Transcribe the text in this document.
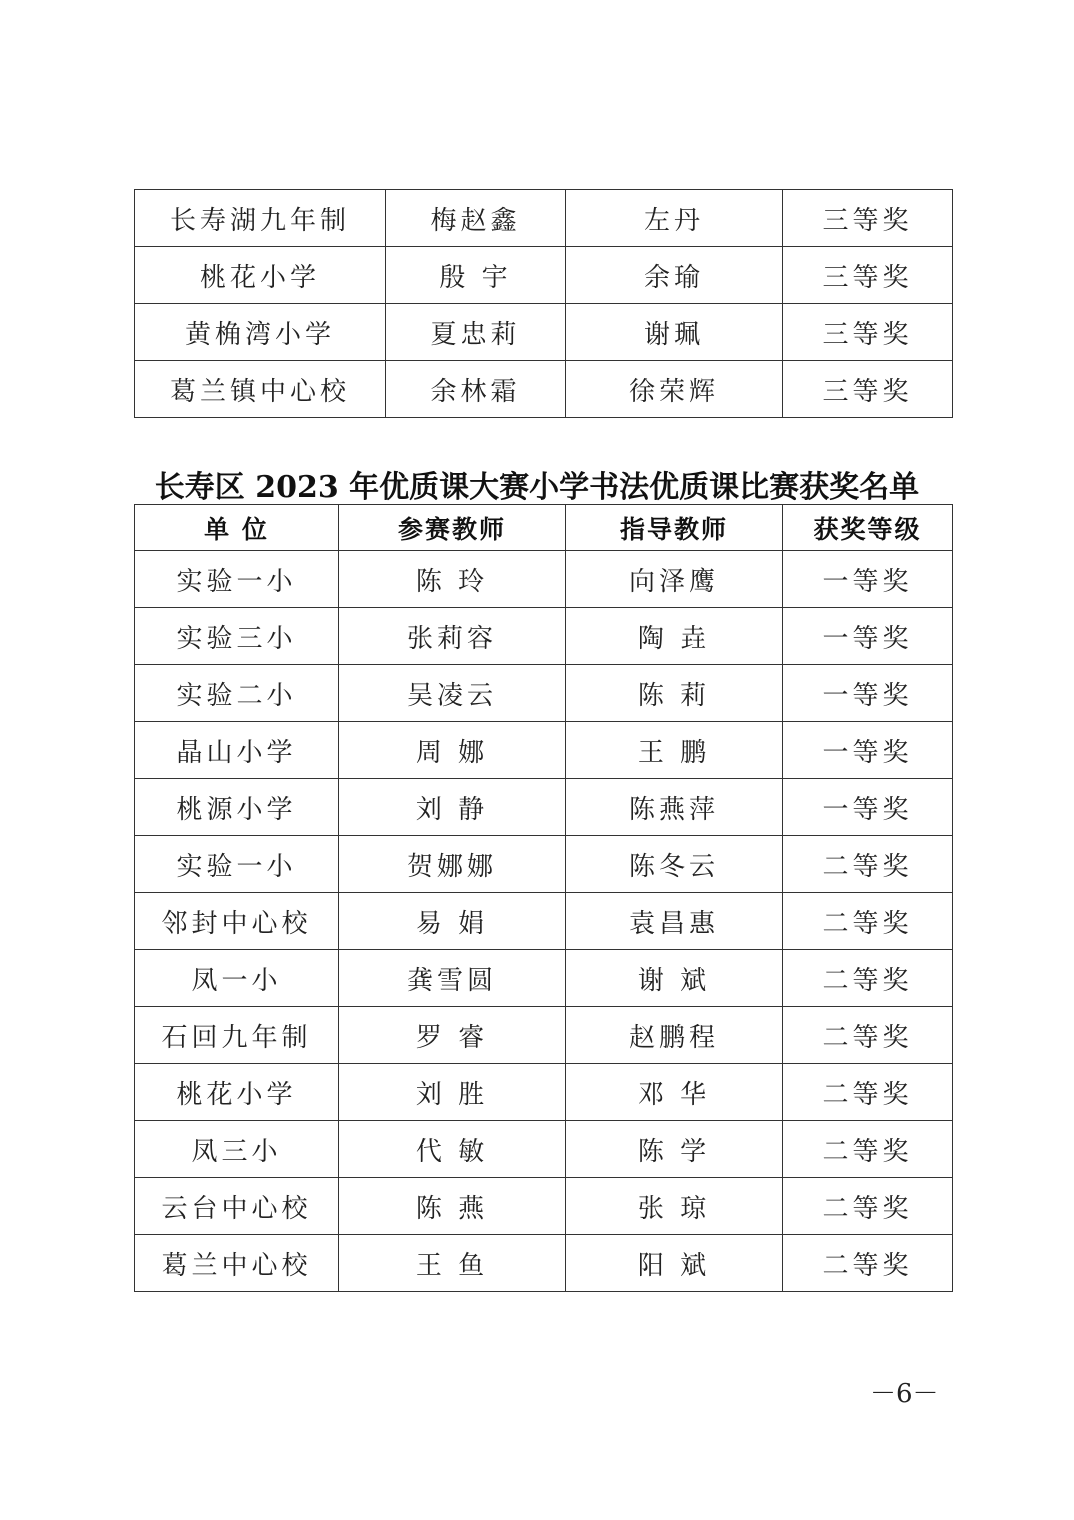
长寿湖九年制	梅赵鑫	左丹	三等奖
桃花小学	殷 宇	余瑜	三等奖
黄桷湾小学	夏忠莉	谢珮	三等奖
葛兰镇中心校	余林霜	徐荣辉	三等奖
长寿区 2023 年优质课大赛小学书法优质课比赛获奖名单
单 位	参赛教师	指导教师	获奖等级
实验一小	陈 玲	向泽鹰	一等奖
实验三小	张莉容	陶 垚	一等奖
实验二小	吴凌云	陈 莉	一等奖
晶山小学	周 娜	王 鹏	一等奖
桃源小学	刘 静	陈燕萍	一等奖
实验一小	贺娜娜	陈冬云	二等奖
邻封中心校	易 娟	袁昌惠	二等奖
凤一小	龚雪圆	谢 斌	二等奖
石回九年制	罗 睿	赵鹏程	二等奖
桃花小学	刘 胜	邓 华	二等奖
凤三小	代 敏	陈 学	二等奖
云台中心校	陈 燕	张 琼	二等奖
葛兰中心校	王 鱼	阳 斌	二等奖
－6－
